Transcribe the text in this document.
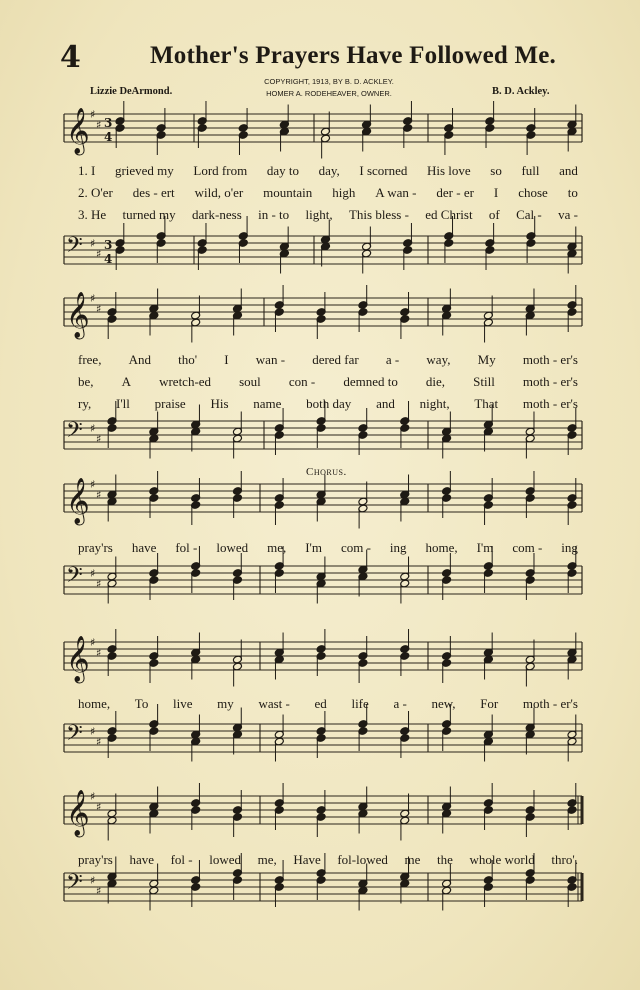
4	Mother's Prayers Have Followed Me.
Lizzie DeArmond.
COPYRIGHT, 1913, BY B. D. ACKLEY.
HOMER A. RODEHEAVER, OWNER.	B. D. Ackley.
𝄞 ♯
♯ 3
4
𝄢 ♯
♯
3
4
𝄞 ♯
♯
𝄢 ♯
♯
𝄞 ♯
♯
𝄢 ♯
♯
𝄞 ♯
♯
𝄢 ♯
♯
𝄞 ♯
♯
𝄢 ♯
♯
Chorus.
1. I grieved my Lord from day to day, I scorned His love so full and
2. O'er des - ert wild, o'er mountain high A wan - der - er I chose to
3. He turned my dark-ness in - to light, This bless - ed Christ of Cal - va -
free, And tho' I wan - dered far a - way, My moth - er's
be, A wretch-ed soul con - demned to die, Still moth - er's
ry, I'll praise His name both day and night, That moth - er's
pray'rs have fol - lowed me, I'm com - ing home, I'm com - ing
home, To live my wast - ed life a - new, For moth - er's
pray'rs have fol - lowed me, Have fol-lowed me the whole world thro'.
